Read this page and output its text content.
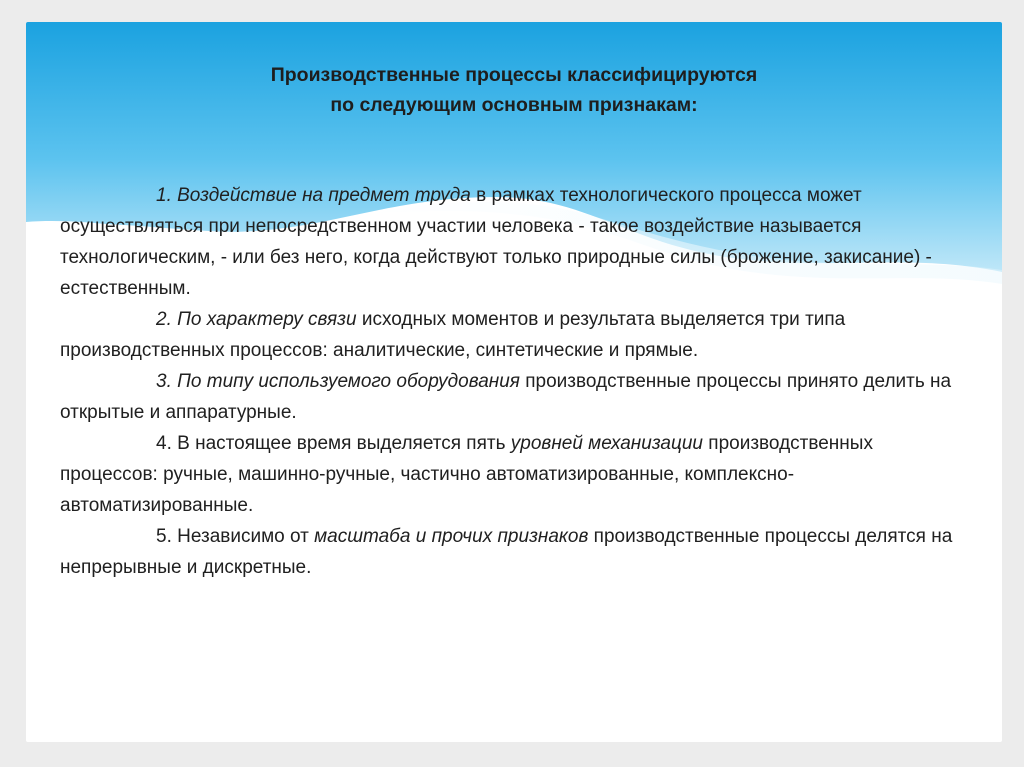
Производственные процессы классифицируются
по следующим основным признакам:

1. Воздействие на предмет труда в рамках технологического процесса может осуществляться при непосредственном участии человека - такое воздействие называется технологическим, - или без него, когда действуют только природные силы (брожение, закисание) - естественным.

2. По характеру связи исходных моментов и результата выделяется три типа производственных процессов: аналитические, синтетические и прямые.

3. По типу используемого оборудования производственные процессы принято делить на открытые и аппаратурные.

4. В настоящее время выделяется пять уровней механизации производственных процессов: ручные, машинно-ручные, частично автоматизированные, комплексно-автоматизированные.

5. Независимо от масштаба и прочих признаков производственные процессы делятся на непрерывные и дискретные.
